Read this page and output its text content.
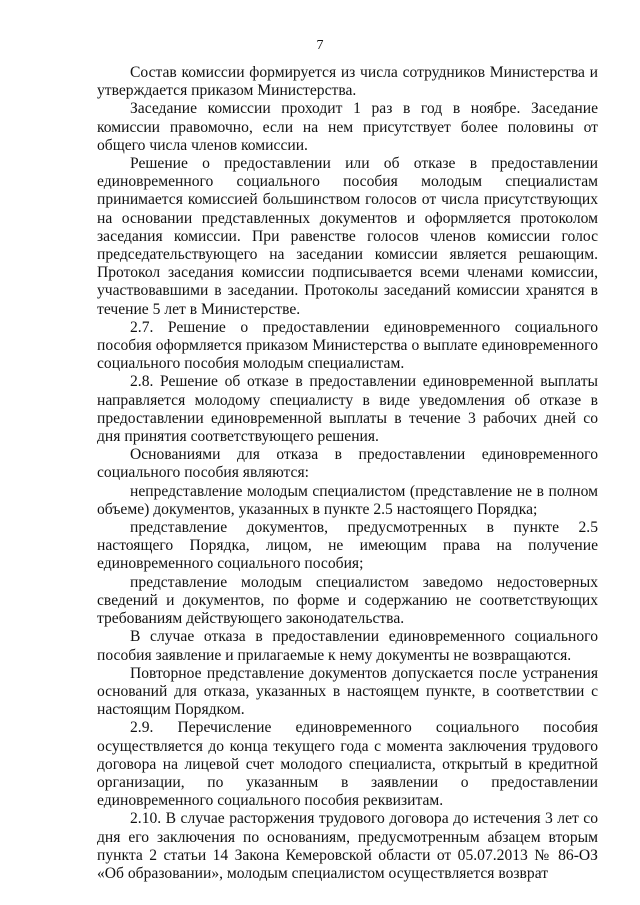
7

Состав комиссии формируется из числа сотрудников Министерства и утверждается приказом Министерства.

Заседание комиссии проходит 1 раз в год в ноябре. Заседание комиссии правомочно, если на нем присутствует более половины от общего числа членов комиссии.

Решение о предоставлении или об отказе в предоставлении единовременного социального пособия молодым специалистам принимается комиссией большинством голосов от числа присутствующих на основании представленных документов и оформляется протоколом заседания комиссии. При равенстве голосов членов комиссии голос председательствующего на заседании комиссии является решающим. Протокол заседания комиссии подписывается всеми членами комиссии, участвовавшими в заседании. Протоколы заседаний комиссии хранятся в течение 5 лет в Министерстве.

2.7. Решение о предоставлении единовременного социального пособия оформляется приказом Министерства о выплате единовременного социального пособия молодым специалистам.

2.8. Решение об отказе в предоставлении единовременной выплаты направляется молодому специалисту в виде уведомления об отказе в предоставлении единовременной выплаты в течение 3 рабочих дней со дня принятия соответствующего решения.

Основаниями для отказа в предоставлении единовременного социального пособия являются:

непредставление молодым специалистом (представление не в полном объеме) документов, указанных в пункте 2.5 настоящего Порядка;

представление документов, предусмотренных в пункте 2.5 настоящего Порядка, лицом, не имеющим права на получение единовременного социального пособия;

представление молодым специалистом заведомо недостоверных сведений и документов, по форме и содержанию не соответствующих требованиям действующего законодательства.

В случае отказа в предоставлении единовременного социального пособия заявление и прилагаемые к нему документы не возвращаются.

Повторное представление документов допускается после устранения оснований для отказа, указанных в настоящем пункте, в соответствии с настоящим Порядком.

2.9. Перечисление единовременного социального пособия осуществляется до конца текущего года с момента заключения трудового договора на лицевой счет молодого специалиста, открытый в кредитной организации, по указанным в заявлении о предоставлении единовременного социального пособия реквизитам.

2.10. В случае расторжения трудового договора до истечения 3 лет со дня его заключения по основаниям, предусмотренным абзацем вторым пункта 2 статьи 14 Закона Кемеровской области от 05.07.2013 № 86-ОЗ «Об образовании», молодым специалистом осуществляется возврат
